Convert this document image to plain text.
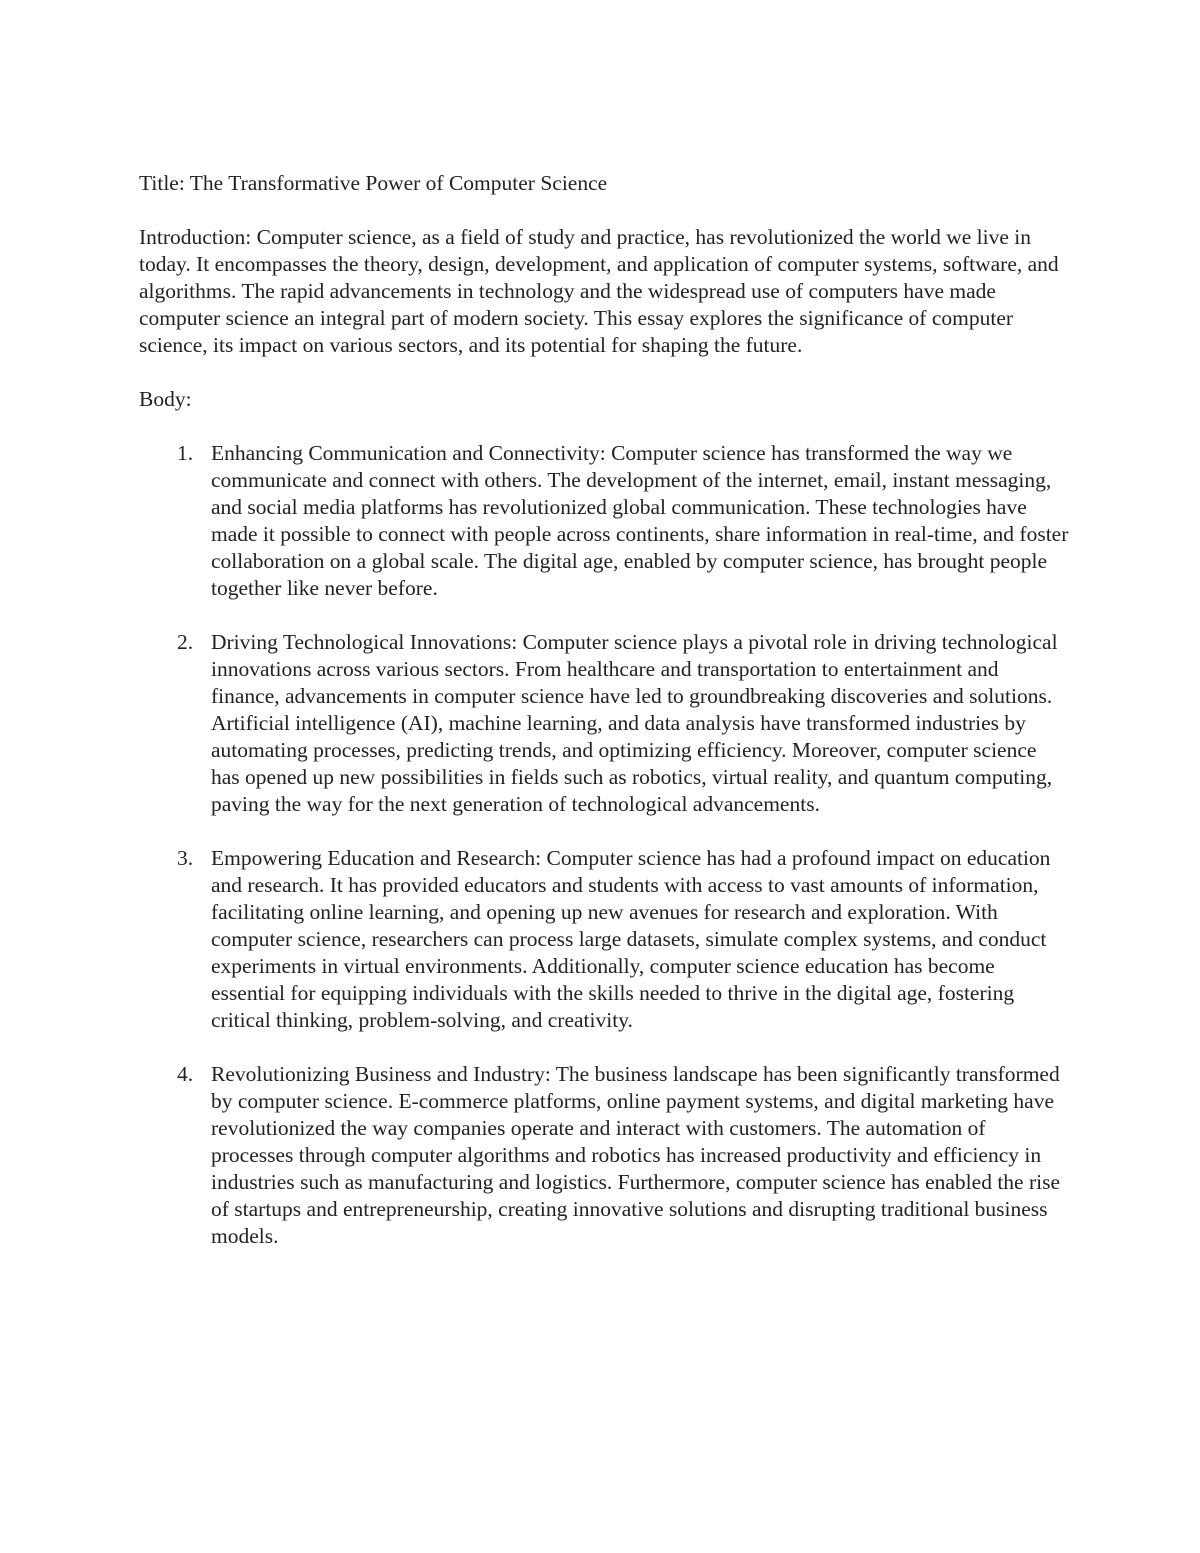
Title: The Transformative Power of Computer Science

Introduction: Computer science, as a field of study and practice, has revolutionized the world we live in today. It encompasses the theory, design, development, and application of computer systems, software, and algorithms. The rapid advancements in technology and the widespread use of computers have made computer science an integral part of modern society. This essay explores the significance of computer science, its impact on various sectors, and its potential for shaping the future.

Body:

1. Enhancing Communication and Connectivity: Computer science has transformed the way we communicate and connect with others. The development of the internet, email, instant messaging, and social media platforms has revolutionized global communication. These technologies have made it possible to connect with people across continents, share information in real-time, and foster collaboration on a global scale. The digital age, enabled by computer science, has brought people together like never before.
2. Driving Technological Innovations: Computer science plays a pivotal role in driving technological innovations across various sectors. From healthcare and transportation to entertainment and finance, advancements in computer science have led to groundbreaking discoveries and solutions. Artificial intelligence (AI), machine learning, and data analysis have transformed industries by automating processes, predicting trends, and optimizing efficiency. Moreover, computer science has opened up new possibilities in fields such as robotics, virtual reality, and quantum computing, paving the way for the next generation of technological advancements.
3. Empowering Education and Research: Computer science has had a profound impact on education and research. It has provided educators and students with access to vast amounts of information, facilitating online learning, and opening up new avenues for research and exploration. With computer science, researchers can process large datasets, simulate complex systems, and conduct experiments in virtual environments. Additionally, computer science education has become essential for equipping individuals with the skills needed to thrive in the digital age, fostering critical thinking, problem-solving, and creativity.
4. Revolutionizing Business and Industry: The business landscape has been significantly transformed by computer science. E-commerce platforms, online payment systems, and digital marketing have revolutionized the way companies operate and interact with customers. The automation of processes through computer algorithms and robotics has increased productivity and efficiency in industries such as manufacturing and logistics. Furthermore, computer science has enabled the rise of startups and entrepreneurship, creating innovative solutions and disrupting traditional business models.
